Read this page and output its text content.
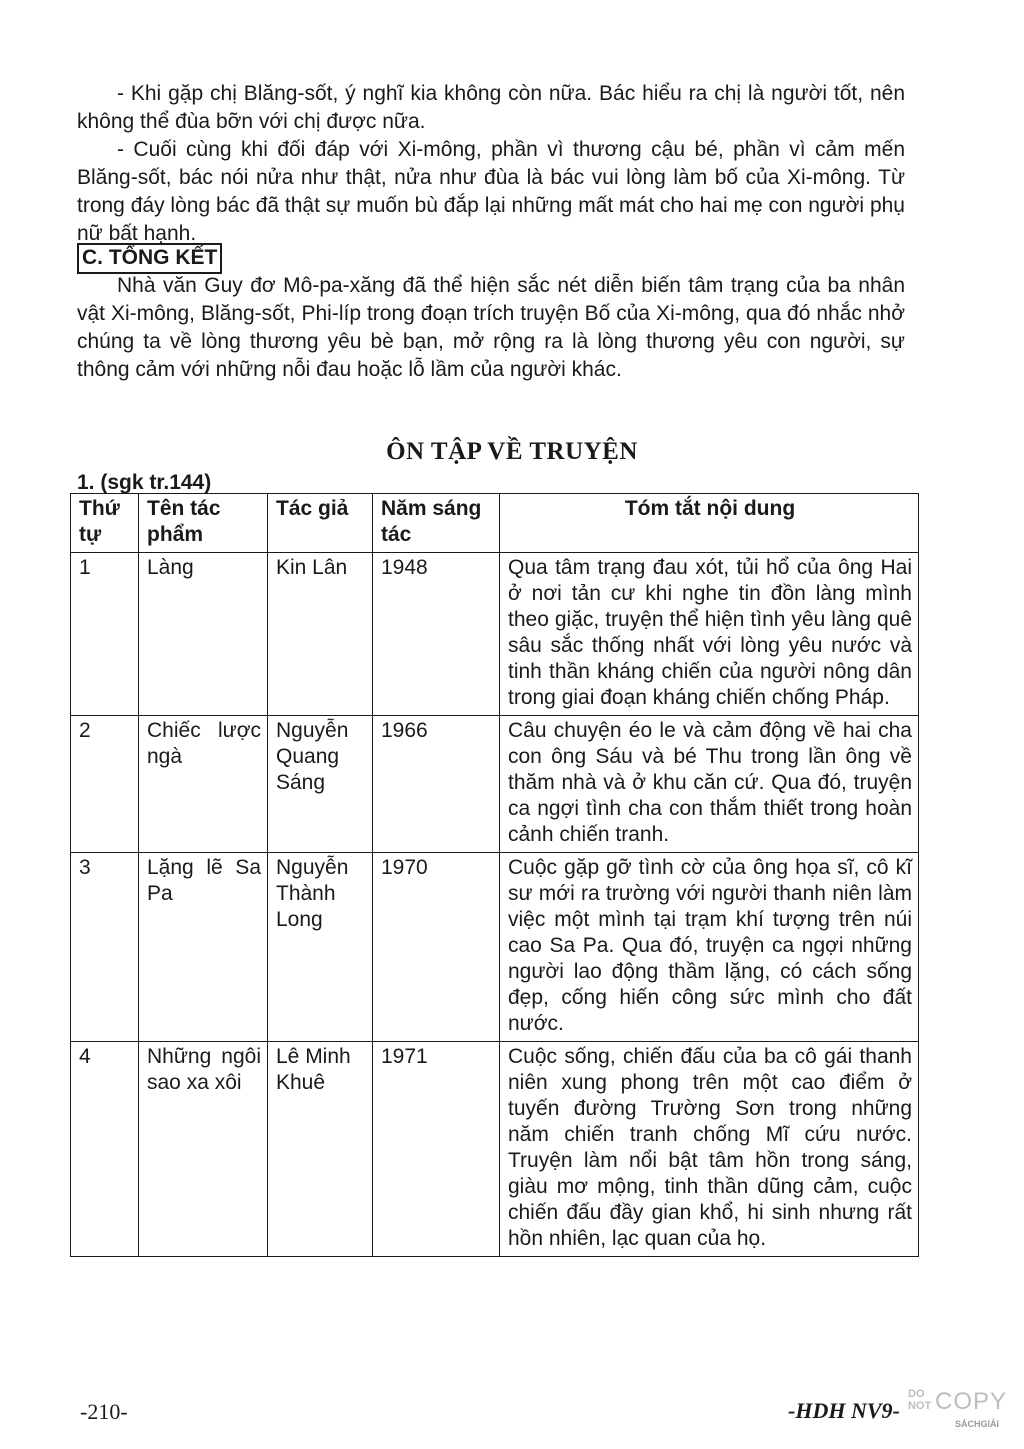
- Khi gặp chị Blăng-sốt, ý nghĩ kia không còn nữa. Bác hiểu ra chị là người tốt, nên không thể đùa bỡn với chị được nữa.

- Cuối cùng khi đối đáp với Xi-mông, phần vì thương cậu bé, phần vì cảm mến Blăng-sốt, bác nói nửa như thật, nửa như đùa là bác vui lòng làm bố của Xi-mông. Từ trong đáy lòng bác đã thật sự muốn bù đắp lại những mất mát cho hai mẹ con người phụ nữ bất hạnh.

C. TỔNG KẾT

Nhà văn Guy đơ Mô-pa-xăng đã thể hiện sắc nét diễn biến tâm trạng của ba nhân vật Xi-mông, Blăng-sốt, Phi-líp trong đoạn trích truyện Bố của Xi-mông, qua đó nhắc nhở chúng ta về lòng thương yêu bè bạn, mở rộng ra là lòng thương yêu con người, sự thông cảm với những nỗi đau hoặc lỗ lầm của người khác.

ÔN TẬP VỀ TRUYỆN
1. (sgk tr.144)
Thứ tự	Tên tác phẩm	Tác giả	Năm sáng tác	Tóm tắt nội dung
1	Làng	Kin Lân	1948	Qua tâm trạng đau xót, tủi hổ của ông Hai ở nơi tản cư khi nghe tin đồn làng mình theo giặc, truyện thể hiện tình yêu làng quê sâu sắc thống nhất với lòng yêu nước và tinh thần kháng chiến của người nông dân trong giai đoạn kháng chiến chống Pháp.
2	Chiếc lược ngà	Nguyễn Quang Sáng	1966	Câu chuyện éo le và cảm động về hai cha con ông Sáu và bé Thu trong lần ông về thăm nhà và ở khu căn cứ. Qua đó, truyện ca ngợi tình cha con thắm thiết trong hoàn cảnh chiến tranh.
3	Lặng lẽ Sa Pa	Nguyễn Thành Long	1970	Cuộc gặp gỡ tình cờ của ông họa sĩ, cô kĩ sư mới ra trường với người thanh niên làm việc một mình tại trạm khí tượng trên núi cao Sa Pa. Qua đó, truyện ca ngợi những người lao động thầm lặng, có cách sống đẹp, cống hiến công sức mình cho đất nước.
4	Những ngôi sao xa xôi	Lê Minh Khuê	1971	Cuộc sống, chiến đấu của ba cô gái thanh niên xung phong trên một cao điểm ở tuyến đường Trường Sơn trong những năm chiến tranh chống Mĩ cứu nước. Truyện làm nổi bật tâm hồn trong sáng, giàu mơ mộng, tinh thần dũng cảm, cuộc chiến đấu đầy gian khổ, hi sinh nhưng rất hồn nhiên, lạc quan của họ.
-210-	-HDH NV9-
DO
NOT COPY
SÁCHGIẢI
